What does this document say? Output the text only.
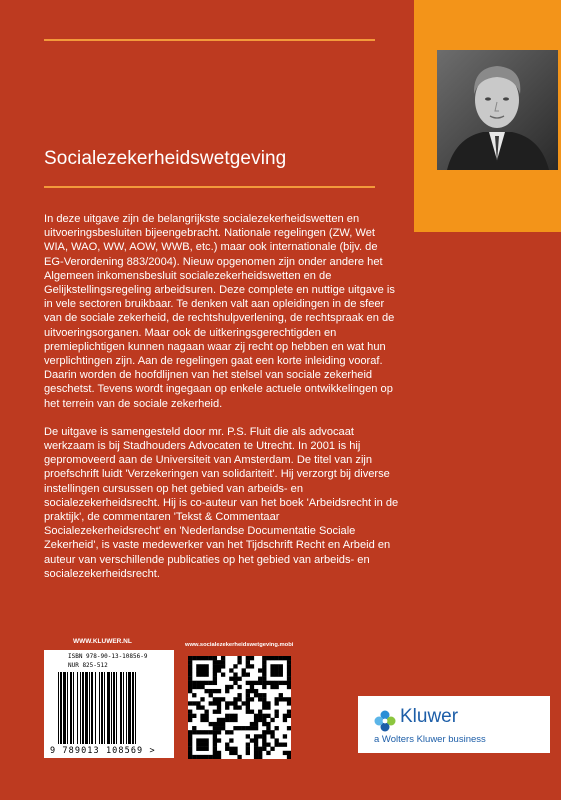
Socialezekerheidswetgeving

In deze uitgave zijn de belangrijkste socialezekerheidswetten en uitvoeringsbesluiten bijeengebracht. Nationale regelingen (ZW, Wet WIA, WAO, WW, AOW, WWB, etc.) maar ook internationale (bijv. de EG-Verordening 883/2004). Nieuw opgenomen zijn onder andere het Algemeen inkomensbesluit socialezekerheidswetten en de Gelijkstellingsregeling arbeidsuren. Deze complete en nuttige uitgave is in vele sectoren bruikbaar. Te denken valt aan opleidingen in de sfeer van de sociale zekerheid, de rechtshulpverlening, de rechtspraak en de uitvoeringsorganen. Maar ook de uitkeringsgerechtigden en premieplichtigen kunnen nagaan waar zij recht op hebben en wat hun verplichtingen zijn. Aan de regelingen gaat een korte inleiding vooraf. Daarin worden de hoofdlijnen van het stelsel van sociale zekerheid geschetst. Tevens wordt ingegaan op enkele actuele ontwikkelingen op het terrein van de sociale zekerheid.

De uitgave is samengesteld door mr. P.S. Fluit die als advocaat werkzaam is bij Stadhouders Advocaten te Utrecht. In 2001 is hij gepromoveerd aan de Universiteit van Amsterdam. De titel van zijn proefschrift luidt 'Verzekeringen van solidariteit'. Hij verzorgt bij diverse instellingen cursussen op het gebied van arbeids- en socialezekerheidsrecht. Hij is co-auteur van het boek 'Arbeidsrecht in de praktijk', de commentaren 'Tekst & Commentaar Socialezekerheidsrecht' en 'Nederlandse Documentatie Sociale Zekerheid', is vaste medewerker van het Tijdschrift Recht en Arbeid en auteur van verschillende publicaties op het gebied van arbeids- en socialezekerheidsrecht.

WWW.KLUWER.NL
ISBN 978-90-13-10856-9
NUR 825-512
9 789013 108569 >
www.socialezekerheidswetgeving.mobi
Kluwer
a Wolters Kluwer business
